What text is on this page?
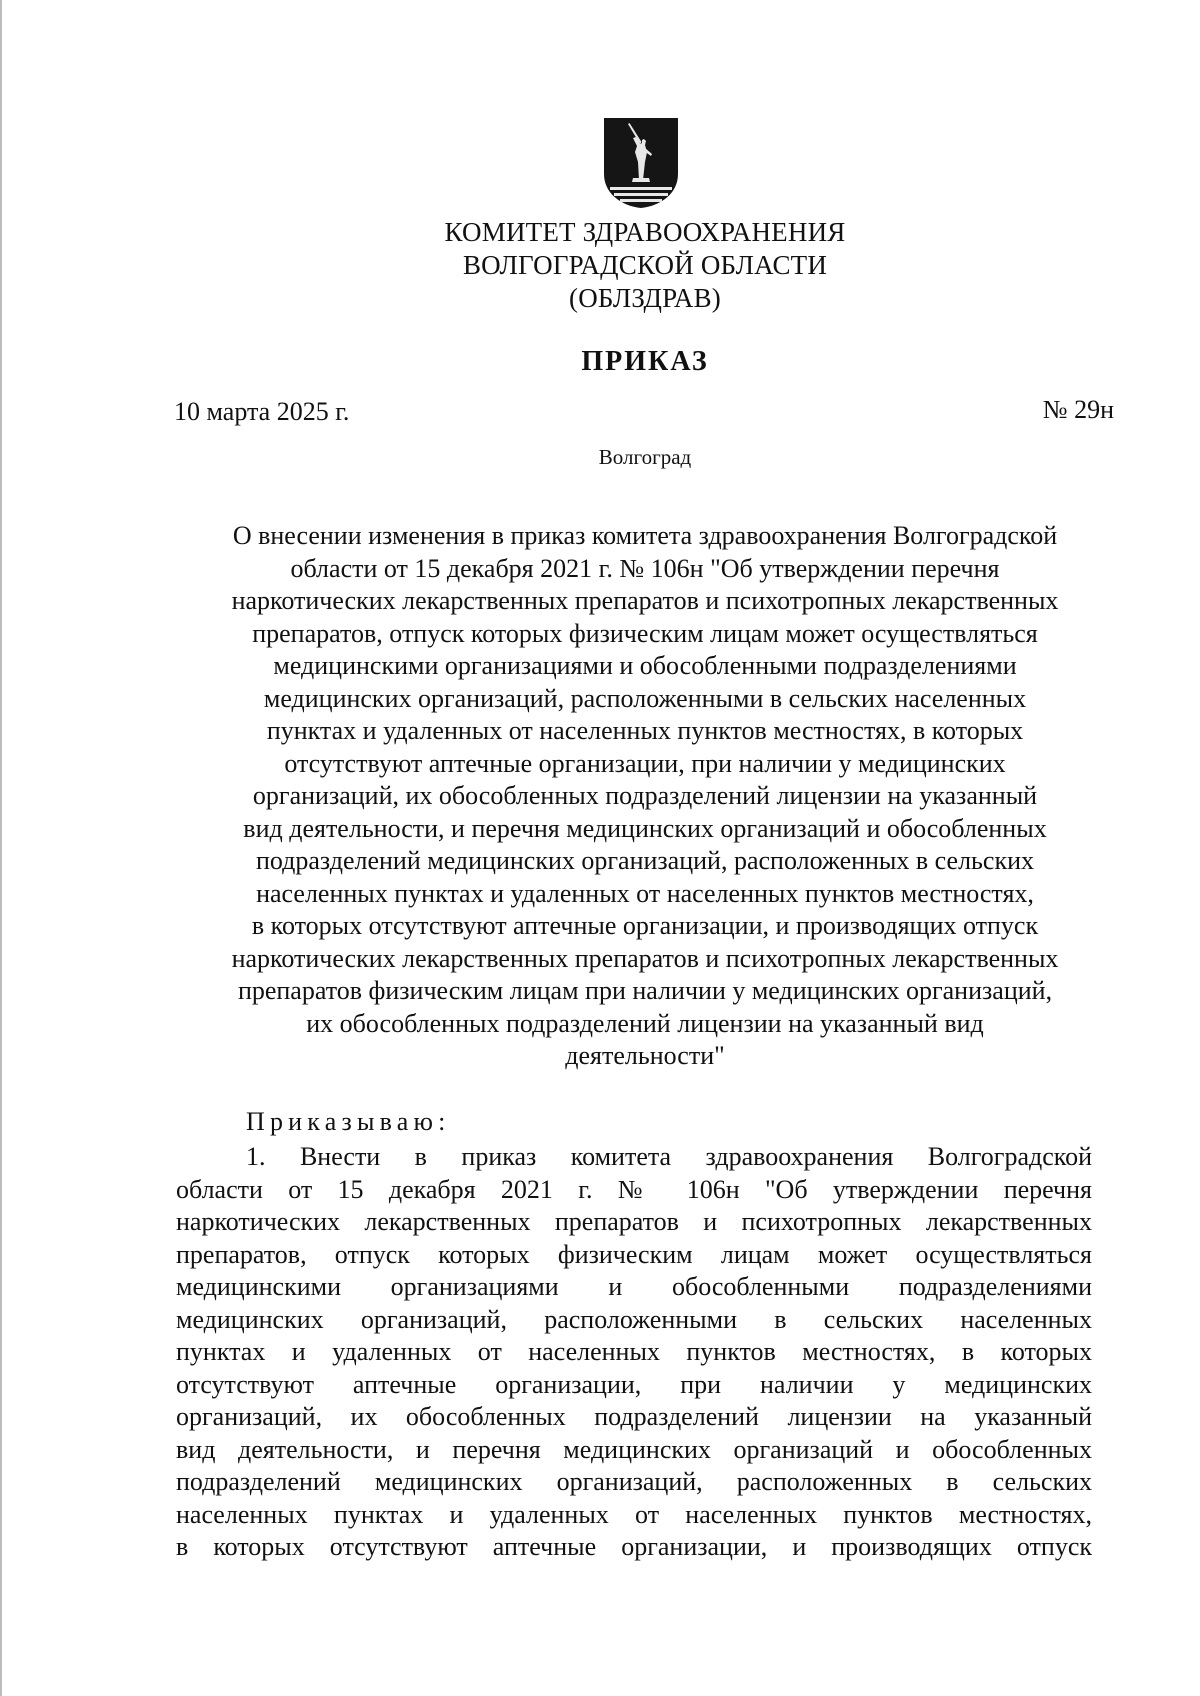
КОМИТЕТ ЗДРАВООХРАНЕНИЯ
ВОЛГОГРАДСКОЙ ОБЛАСТИ
(ОБЛЗДРАВ)
ПРИКАЗ
10 марта 2025 г.	№ 29н
Волгоград
О внесении изменения в приказ комитета здравоохранения Волгоградской
области от 15 декабря 2021 г. № 106н "Об утверждении перечня
наркотических лекарственных препаратов и психотропных лекарственных
препаратов, отпуск которых физическим лицам может осуществляться
медицинскими организациями и обособленными подразделениями
медицинских организаций, расположенными в сельских населенных
пунктах и удаленных от населенных пунктов местностях, в которых
отсутствуют аптечные организации, при наличии у медицинских
организаций, их обособленных подразделений лицензии на указанный
вид деятельности, и перечня медицинских организаций и обособленных
подразделений медицинских организаций, расположенных в сельских
населенных пунктах и удаленных от населенных пунктов местностях,
в которых отсутствуют аптечные организации, и производящих отпуск
наркотических лекарственных препаратов и психотропных лекарственных
препаратов физическим лицам при наличии у медицинских организаций,
их обособленных подразделений лицензии на указанный вид
деятельности"
Приказываю:
1. Внести в приказ комитета здравоохранения Волгоградской
области от 15 декабря 2021 г. № 106н "Об утверждении перечня
наркотических лекарственных препаратов и психотропных лекарственных
препаратов, отпуск которых физическим лицам может осуществляться
медицинскими организациями и обособленными подразделениями
медицинских организаций, расположенными в сельских населенных
пунктах и удаленных от населенных пунктов местностях, в которых
отсутствуют аптечные организации, при наличии у медицинских
организаций, их обособленных подразделений лицензии на указанный
вид деятельности, и перечня медицинских организаций и обособленных
подразделений медицинских организаций, расположенных в сельских
населенных пунктах и удаленных от населенных пунктов местностях,
в которых отсутствуют аптечные организации, и производящих отпуск
